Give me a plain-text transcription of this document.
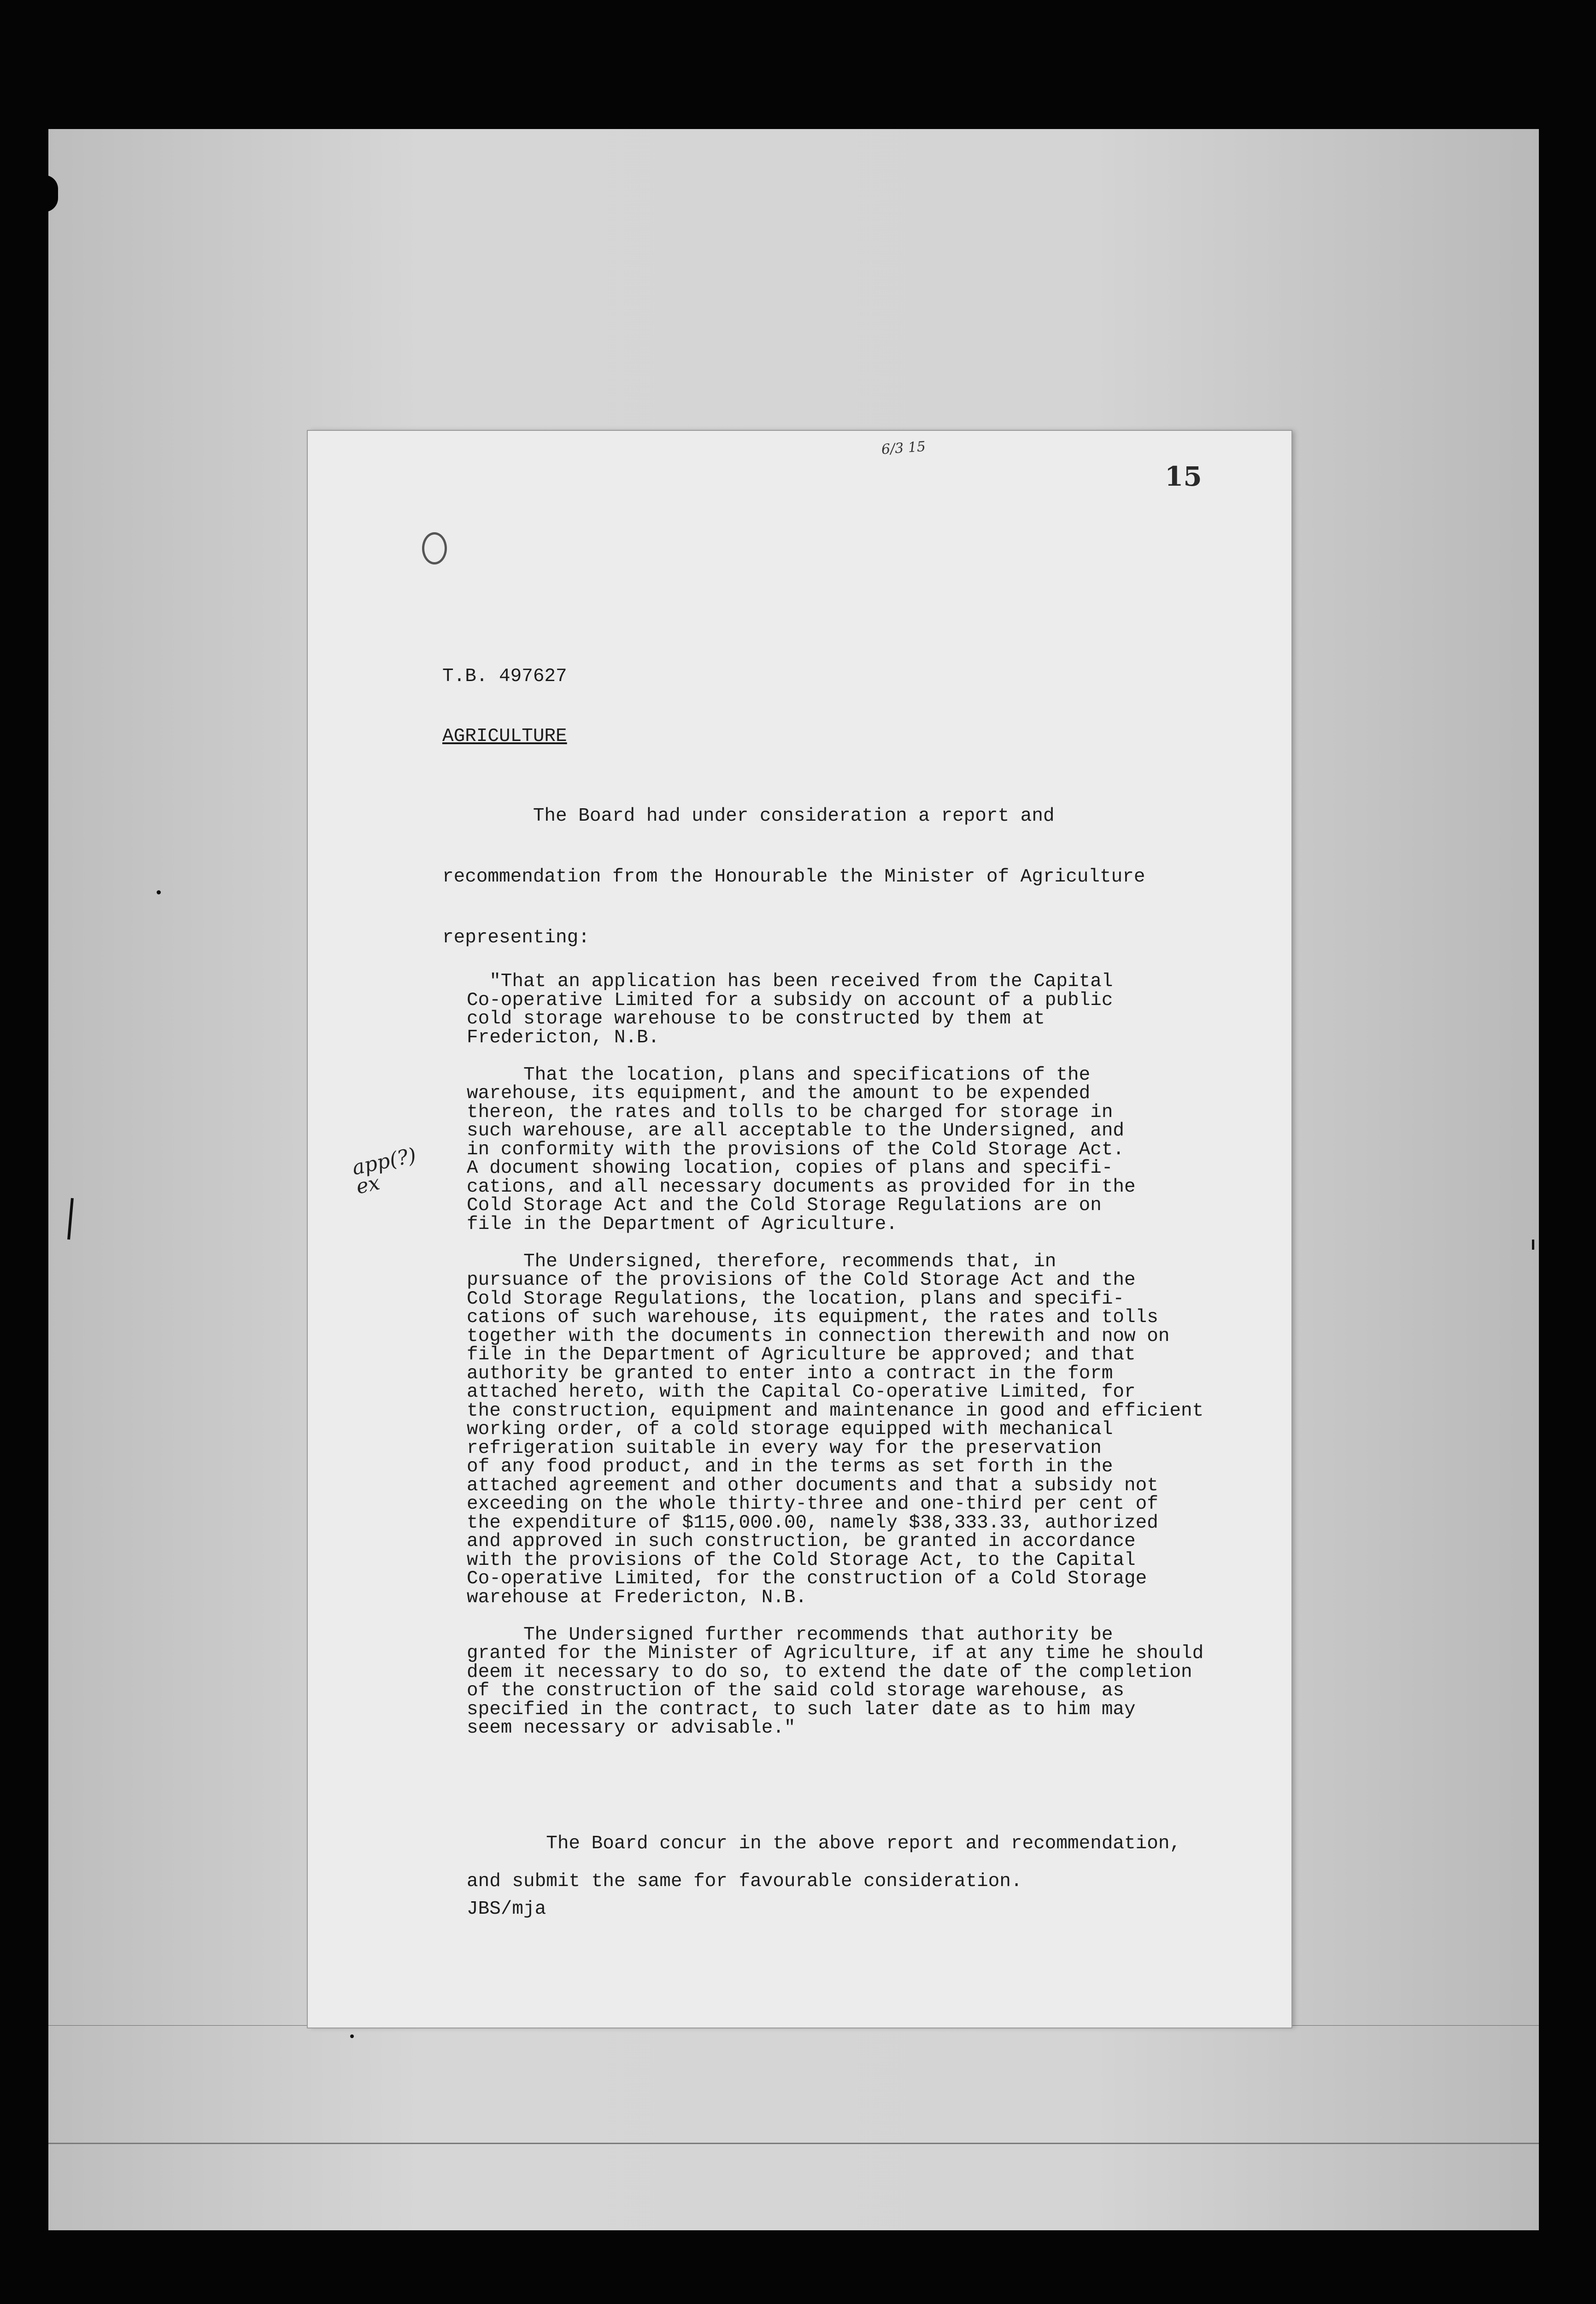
6/3 15
15
app(?)
ex
T.B. 497627
AGRICULTURE
The Board had under consideration a report and
recommendation from the Honourable the Minister of Agriculture
representing:
"That an application has been received from the Capital
Co-operative Limited for a subsidy on account of a public
cold storage warehouse to be constructed by them at
Fredericton, N.B.

That the location, plans and specifications of the
warehouse, its equipment, and the amount to be expended
thereon, the rates and tolls to be charged for storage in
such warehouse, are all acceptable to the Undersigned, and
in conformity with the provisions of the Cold Storage Act.
A document showing location, copies of plans and specifi-
cations, and all necessary documents as provided for in the
Cold Storage Act and the Cold Storage Regulations are on
file in the Department of Agriculture.

The Undersigned, therefore, recommends that, in
pursuance of the provisions of the Cold Storage Act and the
Cold Storage Regulations, the location, plans and specifi-
cations of such warehouse, its equipment, the rates and tolls
together with the documents in connection therewith and now on
file in the Department of Agriculture be approved; and that
authority be granted to enter into a contract in the form
attached hereto, with the Capital Co-operative Limited, for
the construction, equipment and maintenance in good and efficient
working order, of a cold storage equipped with mechanical
refrigeration suitable in every way for the preservation
of any food product, and in the terms as set forth in the
attached agreement and other documents and that a subsidy not
exceeding on the whole thirty-three and one-third per cent of
the expenditure of $115,000.00, namely $38,333.33, authorized
and approved in such construction, be granted in accordance
with the provisions of the Cold Storage Act, to the Capital
Co-operative Limited, for the construction of a Cold Storage
warehouse at Fredericton, N.B.

The Undersigned further recommends that authority be
granted for the Minister of Agriculture, if at any time he should
deem it necessary to do so, to extend the date of the completion
of the construction of the said cold storage warehouse, as
specified in the contract, to such later date as to him may
seem necessary or advisable."
The Board concur in the above report and recommendation,
and submit the same for favourable consideration.
JBS/mja
